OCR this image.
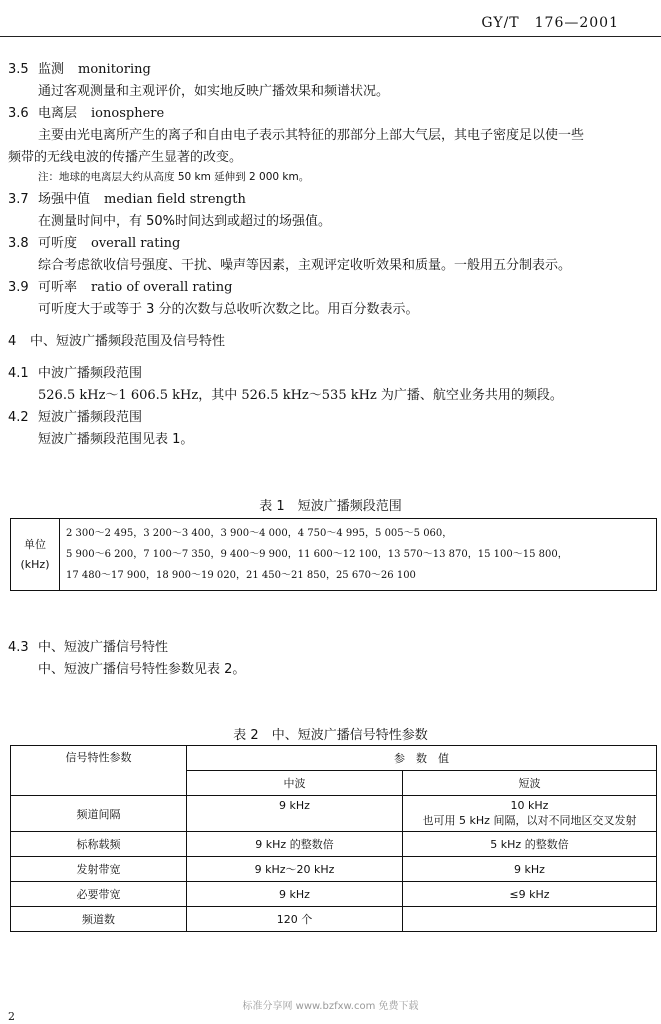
GY/T　176—2001
3.5 监测 monitoring
通过客观测量和主观评价，如实地反映广播效果和频谱状况。
3.6 电离层 ionosphere
主要由光电离所产生的离子和自由电子表示其特征的那部分上部大气层，其电子密度足以使一些
频带的无线电波的传播产生显著的改变。
注：地球的电离层大约从高度 50 km 延伸到 2 000 km。
3.7 场强中值 median field strength
在测量时间中，有 50%时间达到或超过的场强值。
3.8 可听度 overall rating
综合考虑欲收信号强度、干扰、噪声等因素，主观评定收听效果和质量。一般用五分制表示。
3.9 可听率 ratio of overall rating
可听度大于或等于 3 分的次数与总收听次数之比。用百分数表示。
4 中、短波广播频段范围及信号特性
4.1 中波广播频段范围
526.5 kHz～1 606.5 kHz，其中 526.5 kHz～535 kHz 为广播、航空业务共用的频段。
4.2 短波广播频段范围
短波广播频段范围见表 1。
表 1　短波广播频段范围
单位
(kHz)

2 300～2 495，3 200～3 400，3 900～4 000，4 750～4 995，5 005～5 060，
5 900～6 200，7 100～7 350，9 400～9 900，11 600～12 100，13 570～13 870，15 100～15 800，
17 480～17 900，18 900～19 020，21 450～21 850，25 670～26 100
4.3 中、短波广播信号特性
中、短波广播信号特性参数见表 2。
表 2　中、短波广播信号特性参数
信号特性参数	参　数　值	
	中波	短波
频道间隔	9 kHz	10 kHz
也可用 5 kHz 间隔，以对不同地区交叉发射

标称载频	9 kHz 的整数倍	5 kHz 的整数倍
发射带宽	9 kHz～20 kHz	9 kHz
必要带宽	9 kHz	≤9 kHz
频道数	120 个	
标准分享网 www.bzfxw.com 免费下载
2
